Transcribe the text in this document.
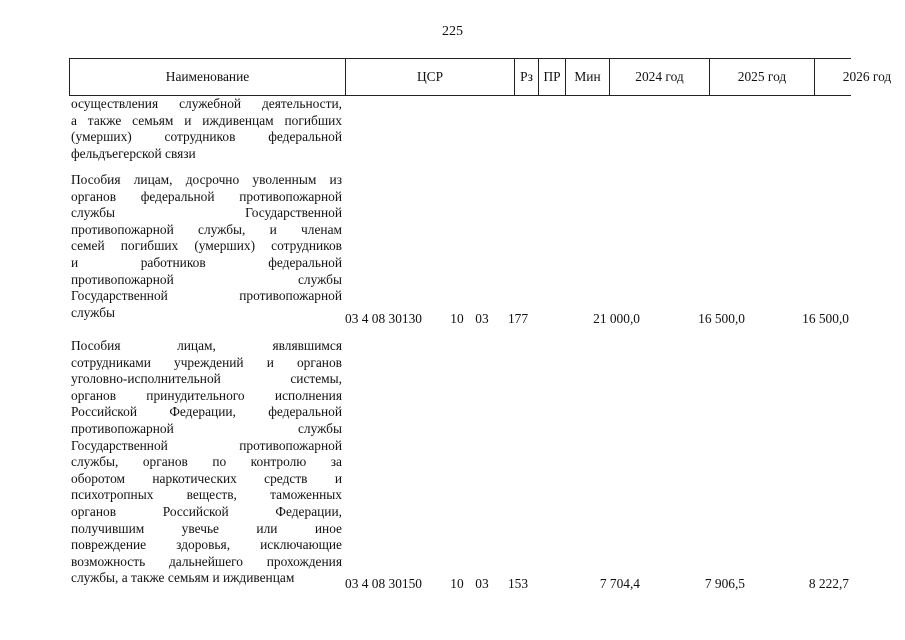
225
Наименование	ЦСР	Рз ПР	Мин	2024 год	2025 год	2026 год
осуществления служебной деятельности,
а также семьям и иждивенцам погибших
(умерших) сотрудников федеральной
фельдъегерской связи
Пособия лицам, досрочно уволенным из
органов федеральной противопожарной
службы Государственной
противопожарной службы, и членам
семей погибших (умерших) сотрудников
и работников федеральной
противопожарной службы
Государственной противопожарной
службы	03 4 08 30130	10 03	177	21 000,0	16 500,0	16 500,0
Пособия лицам, являвшимся
сотрудниками учреждений и органов
уголовно-исполнительной системы,
органов принудительного исполнения
Российской Федерации, федеральной
противопожарной службы
Государственной противопожарной
службы, органов по контролю за
оборотом наркотических средств и
психотропных веществ, таможенных
органов Российской Федерации,
получившим увечье или иное
повреждение здоровья, исключающие
возможность дальнейшего прохождения
службы, а также семьям и иждивенцам	03 4 08 30150	10 03	153	7 704,4	7 906,5	8 222,7
